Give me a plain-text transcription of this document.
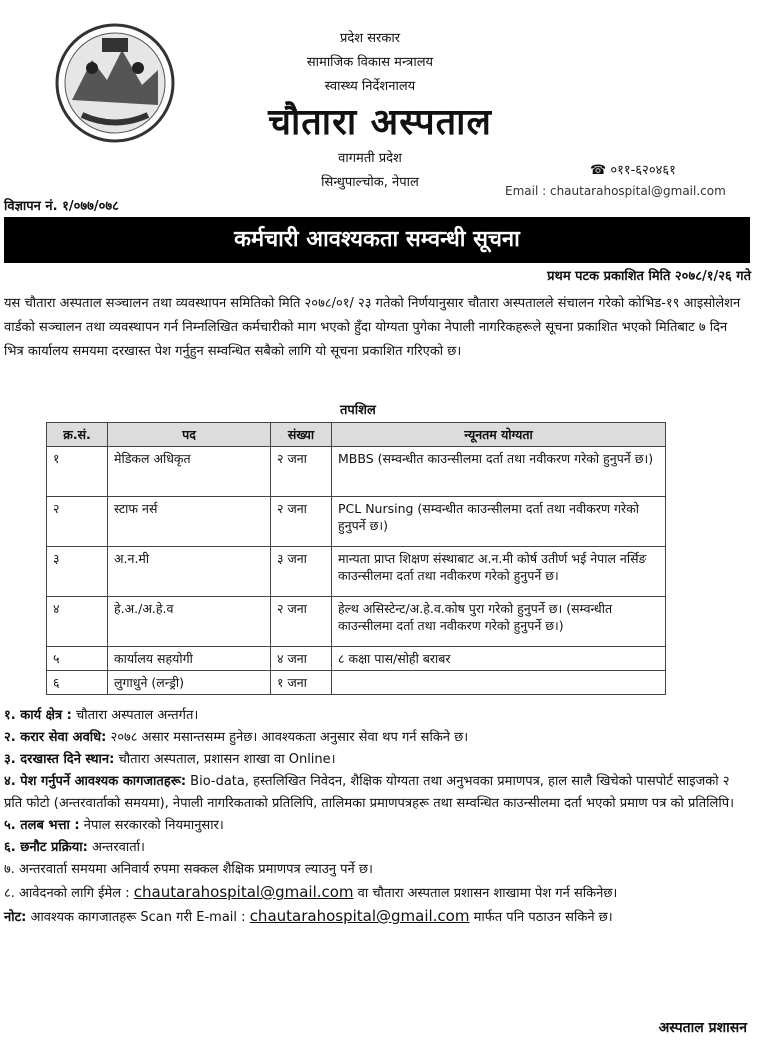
प्रदेश सरकार
सामाजिक विकास मन्त्रालय
स्वास्थ्य निर्देशनालय
चौतारा अस्पताल
वागमती प्रदेश
सिन्धुपाल्चोक, नेपाल
☎ ०११-६२०४६१
Email : chautarahospital@gmail.com
विज्ञापन नं. १/०७७/०७८
कर्मचारी आवश्यकता सम्वन्धी सूचना
प्रथम पटक प्रकाशित मिति २०७८/१/२६ गते
यस चौतारा अस्पताल सञ्चालन तथा व्यवस्थापन समितिको मिति २०७८/०१/ २३ गतेको निर्णयानुसार चौतारा अस्पतालले संचालन गरेको कोभिड-१९ आइसोलेशन वार्डको सञ्चालन तथा व्यवस्थापन गर्न निम्नलिखित कर्मचारीको माग भएको हुँदा योग्यता पुगेका नेपाली नागरिकहरूले सूचना प्रकाशित भएको मितिबाट ७ दिन भित्र कार्यालय समयमा दरखास्त पेश गर्नुहुन सम्वन्धित सबैको लागि यो सूचना प्रकाशित गरिएको छ।
तपशिल
क्र.सं.	पद	संख्या	न्यूनतम योग्यता
१	मेडिकल अधिकृत	२ जना	MBBS (सम्वन्धीत काउन्सीलमा दर्ता तथा नवीकरण गरेको हुनुपर्ने छ।)
२	स्टाफ नर्स	२ जना	PCL Nursing (सम्वन्धीत काउन्सीलमा दर्ता तथा नवीकरण गरेको हुनुपर्ने छ।)
३	अ.न.मी	३ जना	मान्यता प्राप्त शिक्षण संस्थाबाट अ.न.मी कोर्ष उतीर्ण भई नेपाल नर्सिङ काउन्सीलमा दर्ता तथा नवीकरण गरेको हुनुपर्ने छ।
४	हे.अ./अ.हे.व	२ जना	हेल्थ असिस्टेन्ट/अ.हे.व.कोष पुरा गरेको हुनुपर्ने छ। (सम्वन्धीत काउन्सीलमा दर्ता तथा नवीकरण गरेको हुनुपर्ने छ।)
५	कार्यालय सहयोगी	४ जना	८ कक्षा पास/सोही बराबर
६	लुगाधुने (लन्ड्री)	१ जना	

१. कार्य क्षेत्र : चौतारा अस्पताल अन्तर्गत।

२. करार सेवा अवधि: २०७८ असार मसान्तसम्म हुनेछ। आवश्यकता अनुसार सेवा थप गर्न सकिने छ।

३. दरखास्त दिने स्थान: चौतारा अस्पताल, प्रशासन शाखा वा Online।

४. पेश गर्नुपर्ने आवश्यक कागजातहरू: Bio-data, हस्तलिखित निवेदन, शैक्षिक योग्यता तथा अनुभवका प्रमाणपत्र, हाल सालै खिचेको पासपोर्ट साइजको २ प्रति फोटो (अन्तरवार्ताको समयमा), नेपाली नागरिकताको प्रतिलिपि, तालिमका प्रमाणपत्रहरू तथा सम्वन्धित काउन्सीलमा दर्ता भएको प्रमाण पत्र को प्रतिलिपि।

५. तलब भत्ता : नेपाल सरकारको नियमानुसार।

६. छनौट प्रक्रिया: अन्तरवार्ता।

७. अन्तरवार्ता समयमा अनिवार्य रुपमा सक्कल शैक्षिक प्रमाणपत्र ल्याउनु पर्ने छ।

८. आवेदनको लागि ईमेल : chautarahospital@gmail.com वा चौतारा अस्पताल प्रशासन शाखामा पेश गर्न सकिनेछ।

नोट: आवश्यक कागजातहरू Scan गरी E-mail : chautarahospital@gmail.com मार्फत पनि पठाउन सकिने छ।

अस्पताल प्रशासन
